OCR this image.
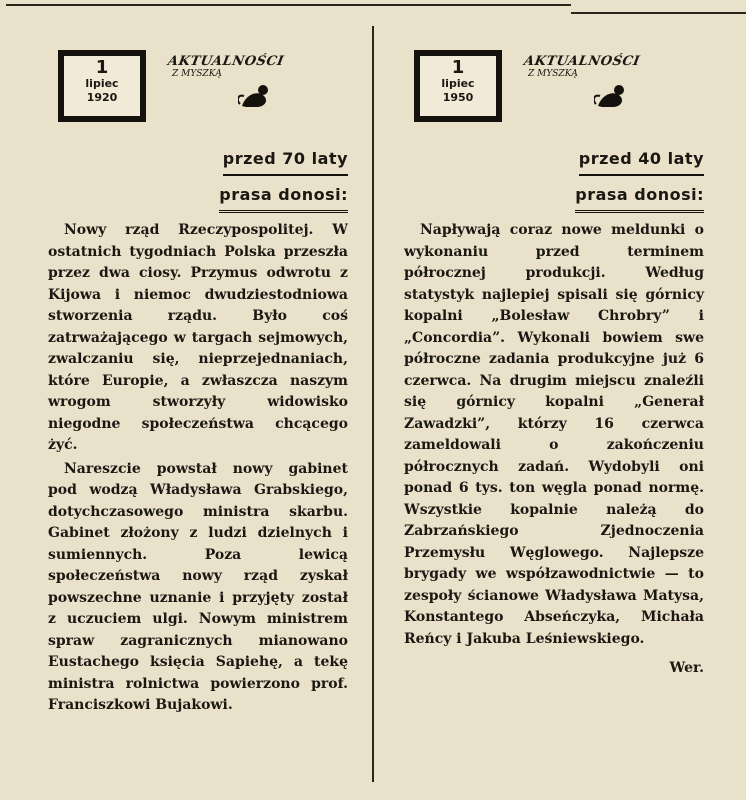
1
lipiec
1920
AKTUALNOŚCI
Z MYSZKĄ
przed 70 laty
prasa donosi:

Nowy rząd Rzeczypospolitej. W ostatnich tygodniach Polska przeszła przez dwa ciosy. Przymus odwrotu z Kijowa i niemoc dwudziestodniowa stworzenia rządu. Było coś zatrważającego w targach sejmowych, zwalczaniu się, nieprzejednaniach, które Europie, a zwłaszcza naszym wrogom stworzyły widowisko niegodne społeczeństwa chcącego żyć.

Nareszcie powstał nowy gabinet pod wodzą Władysława Grabskiego, dotychczasowego ministra skarbu. Gabinet złożony z ludzi dzielnych i sumiennych. Poza lewicą społeczeństwa nowy rząd zyskał powszechne uznanie i przyjęty został z uczuciem ulgi. Nowym ministrem spraw zagranicznych mianowano Eustachego księcia Sapiehę, a tekę ministra rolnictwa powierzono prof. Franciszkowi Bujakowi.

1
lipiec
1950
AKTUALNOŚCI
Z MYSZKĄ
przed 40 laty
prasa donosi:

Napływają coraz nowe meldunki o wykonaniu przed terminem półrocznej produkcji. Według statystyk najlepiej spisali się górnicy kopalni „Bolesław Chrobry” i „Concordia”. Wykonali bowiem swe półroczne zadania produkcyjne już 6 czerwca. Na drugim miejscu znaleźli się górnicy kopalni „Generał Zawadzki”, którzy 16 czerwca zameldowali o zakończeniu półrocznych zadań. Wydobyli oni ponad 6 tys. ton węgla ponad normę. Wszystkie kopalnie należą do Zabrzańskiego Zjednoczenia Przemysłu Węglowego. Najlepsze brygady we współzawodnictwie — to zespoły ścianowe Władysława Matysa, Konstantego Abseńczyka, Michała Reńcy i Jakuba Leśniewskiego.

Wer.
